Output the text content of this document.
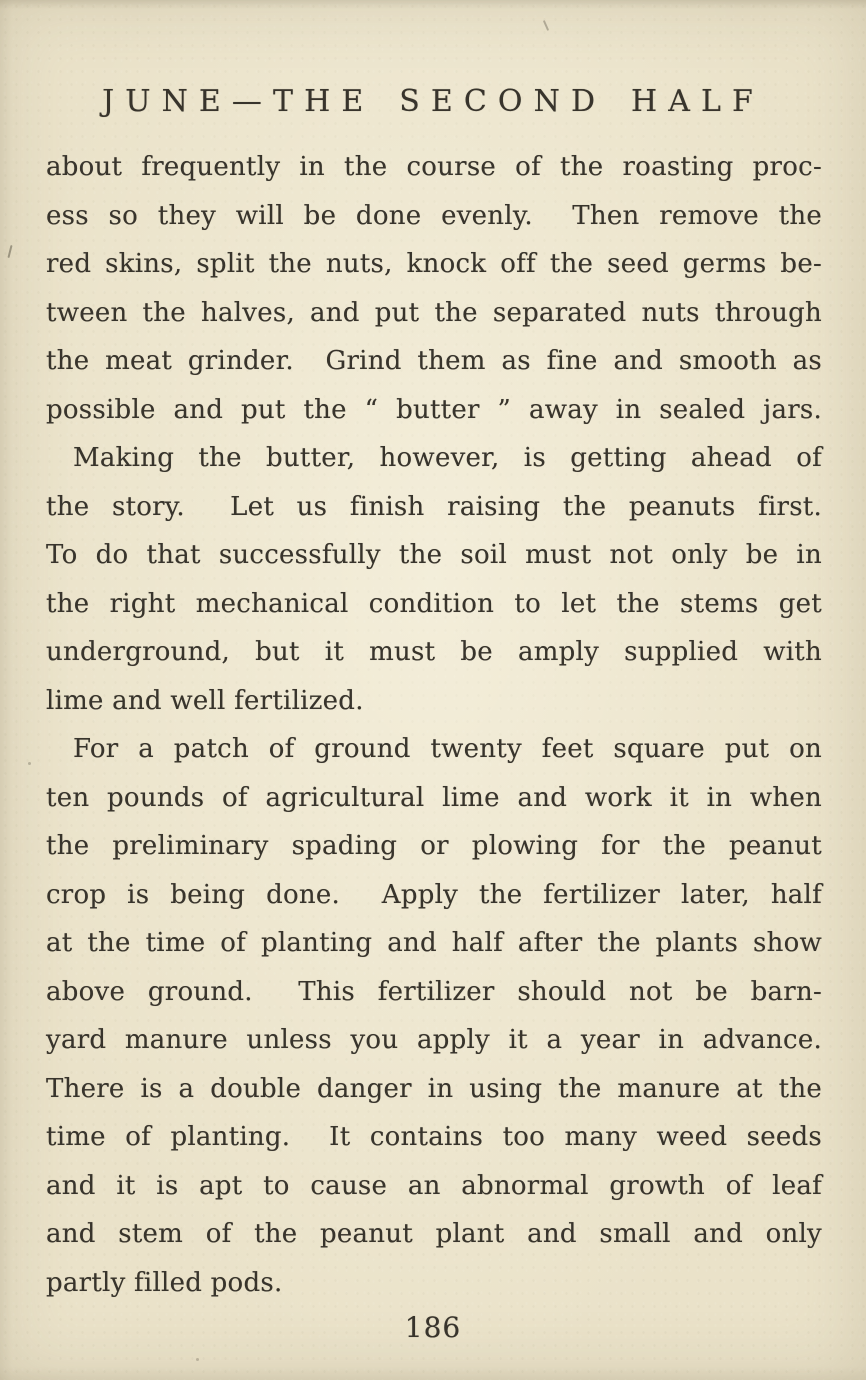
JUNE—THE SECOND HALF
about frequently in the course of the roasting proc-
ess so they will be done evenly.  Then remove the
red skins, split the nuts, knock off the seed germs be-
tween the halves, and put the separated nuts through
the meat grinder.  Grind them as fine and smooth as
possible and put the “ butter ” away in sealed jars.
Making the butter, however, is getting ahead of
the story.  Let us finish raising the peanuts first.
To do that successfully the soil must not only be in
the right mechanical condition to let the stems get
underground, but it must be amply supplied with
lime and well fertilized.
For a patch of ground twenty feet square put on
ten pounds of agricultural lime and work it in when
the preliminary spading or plowing for the peanut
crop is being done.  Apply the fertilizer later, half
at the time of planting and half after the plants show
above ground.  This fertilizer should not be barn-
yard manure unless you apply it a year in advance.
There is a double danger in using the manure at the
time of planting.  It contains too many weed seeds
and it is apt to cause an abnormal growth of leaf
and stem of the peanut plant and small and only
partly filled pods.
186
